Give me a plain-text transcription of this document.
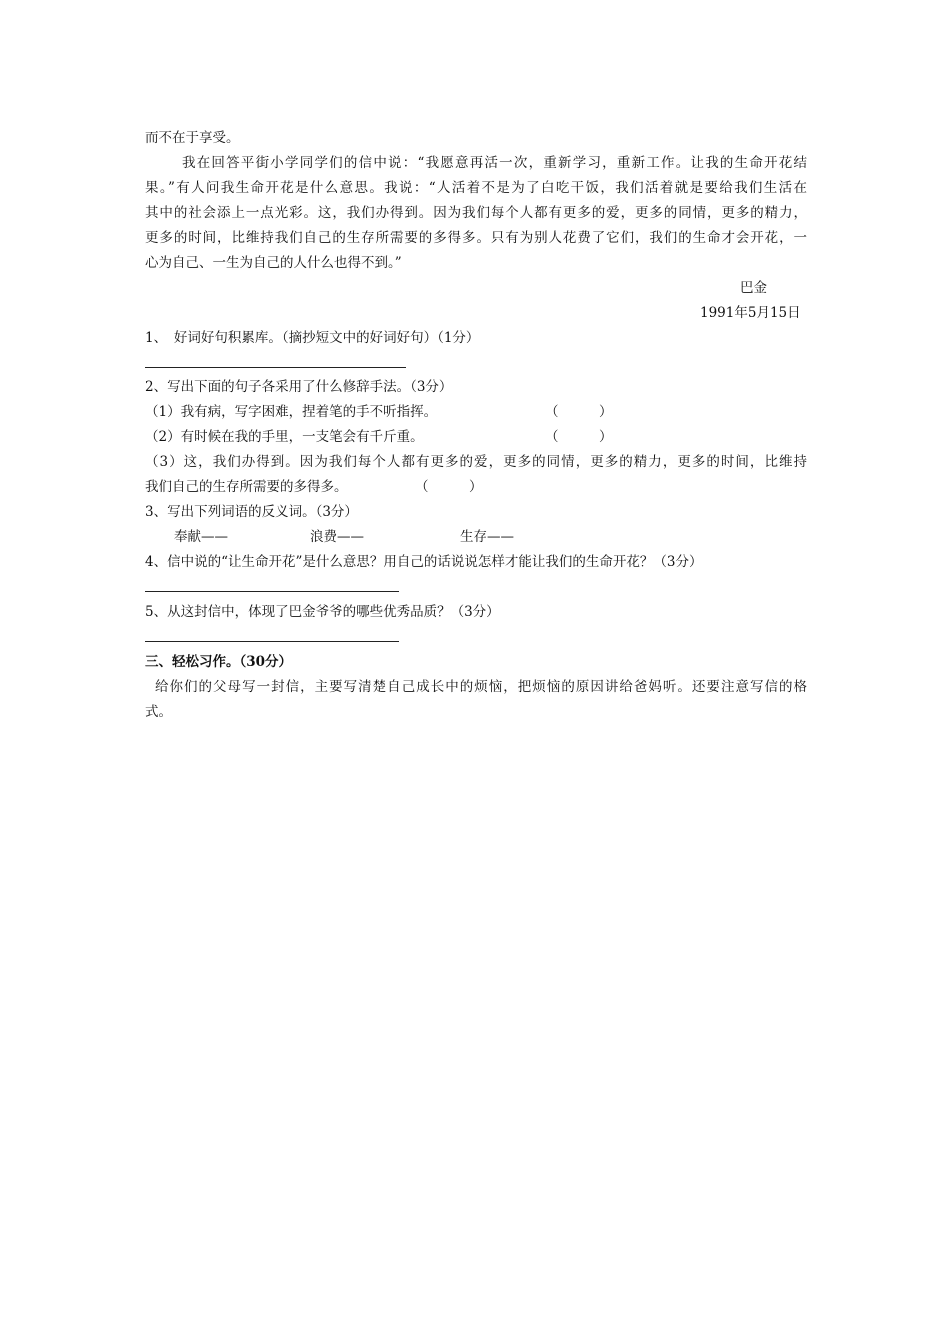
而不在于享受。
我在回答平街小学同学们的信中说：“我愿意再活一次，重新学习，重新工作。让我的生命开花结
果。”有人问我生命开花是什么意思。我说：“人活着不是为了白吃干饭，我们活着就是要给我们生活在
其中的社会添上一点光彩。这，我们办得到。因为我们每个人都有更多的爱，更多的同情，更多的精力，
更多的时间，比维持我们自己的生存所需要的多得多。只有为别人花费了它们，我们的生命才会开花，一
心为自己、一生为自己的人什么也得不到。”
巴金
1991年5月15日
1、　好词好句积累库。（摘抄短文中的好词好句）（1分）
2、写出下面的句子各采用了什么修辞手法。（3分）
（1）我有病，写字困难，捏着笔的手不听指挥。	（　　　）
（2）有时候在我的手里，一支笔会有千斤重。	（　　　）
（3）这，我们办得到。因为我们每个人都有更多的爱，更多的同情，更多的精力，更多的时间，比维持
我们自己的生存所需要的多得多。	（　　　）
3、写出下列词语的反义词。（3分）
奉献——	浪费——	生存——
4、信中说的“让生命开花”是什么意思？用自己的话说说怎样才能让我们的生命开花？（3分）
5、从这封信中，体现了巴金爷爷的哪些优秀品质？（3分）
三、轻松习作。（30分）
给你们的父母写一封信，主要写清楚自己成长中的烦恼，把烦恼的原因讲给爸妈听。还要注意写信的格
式。
